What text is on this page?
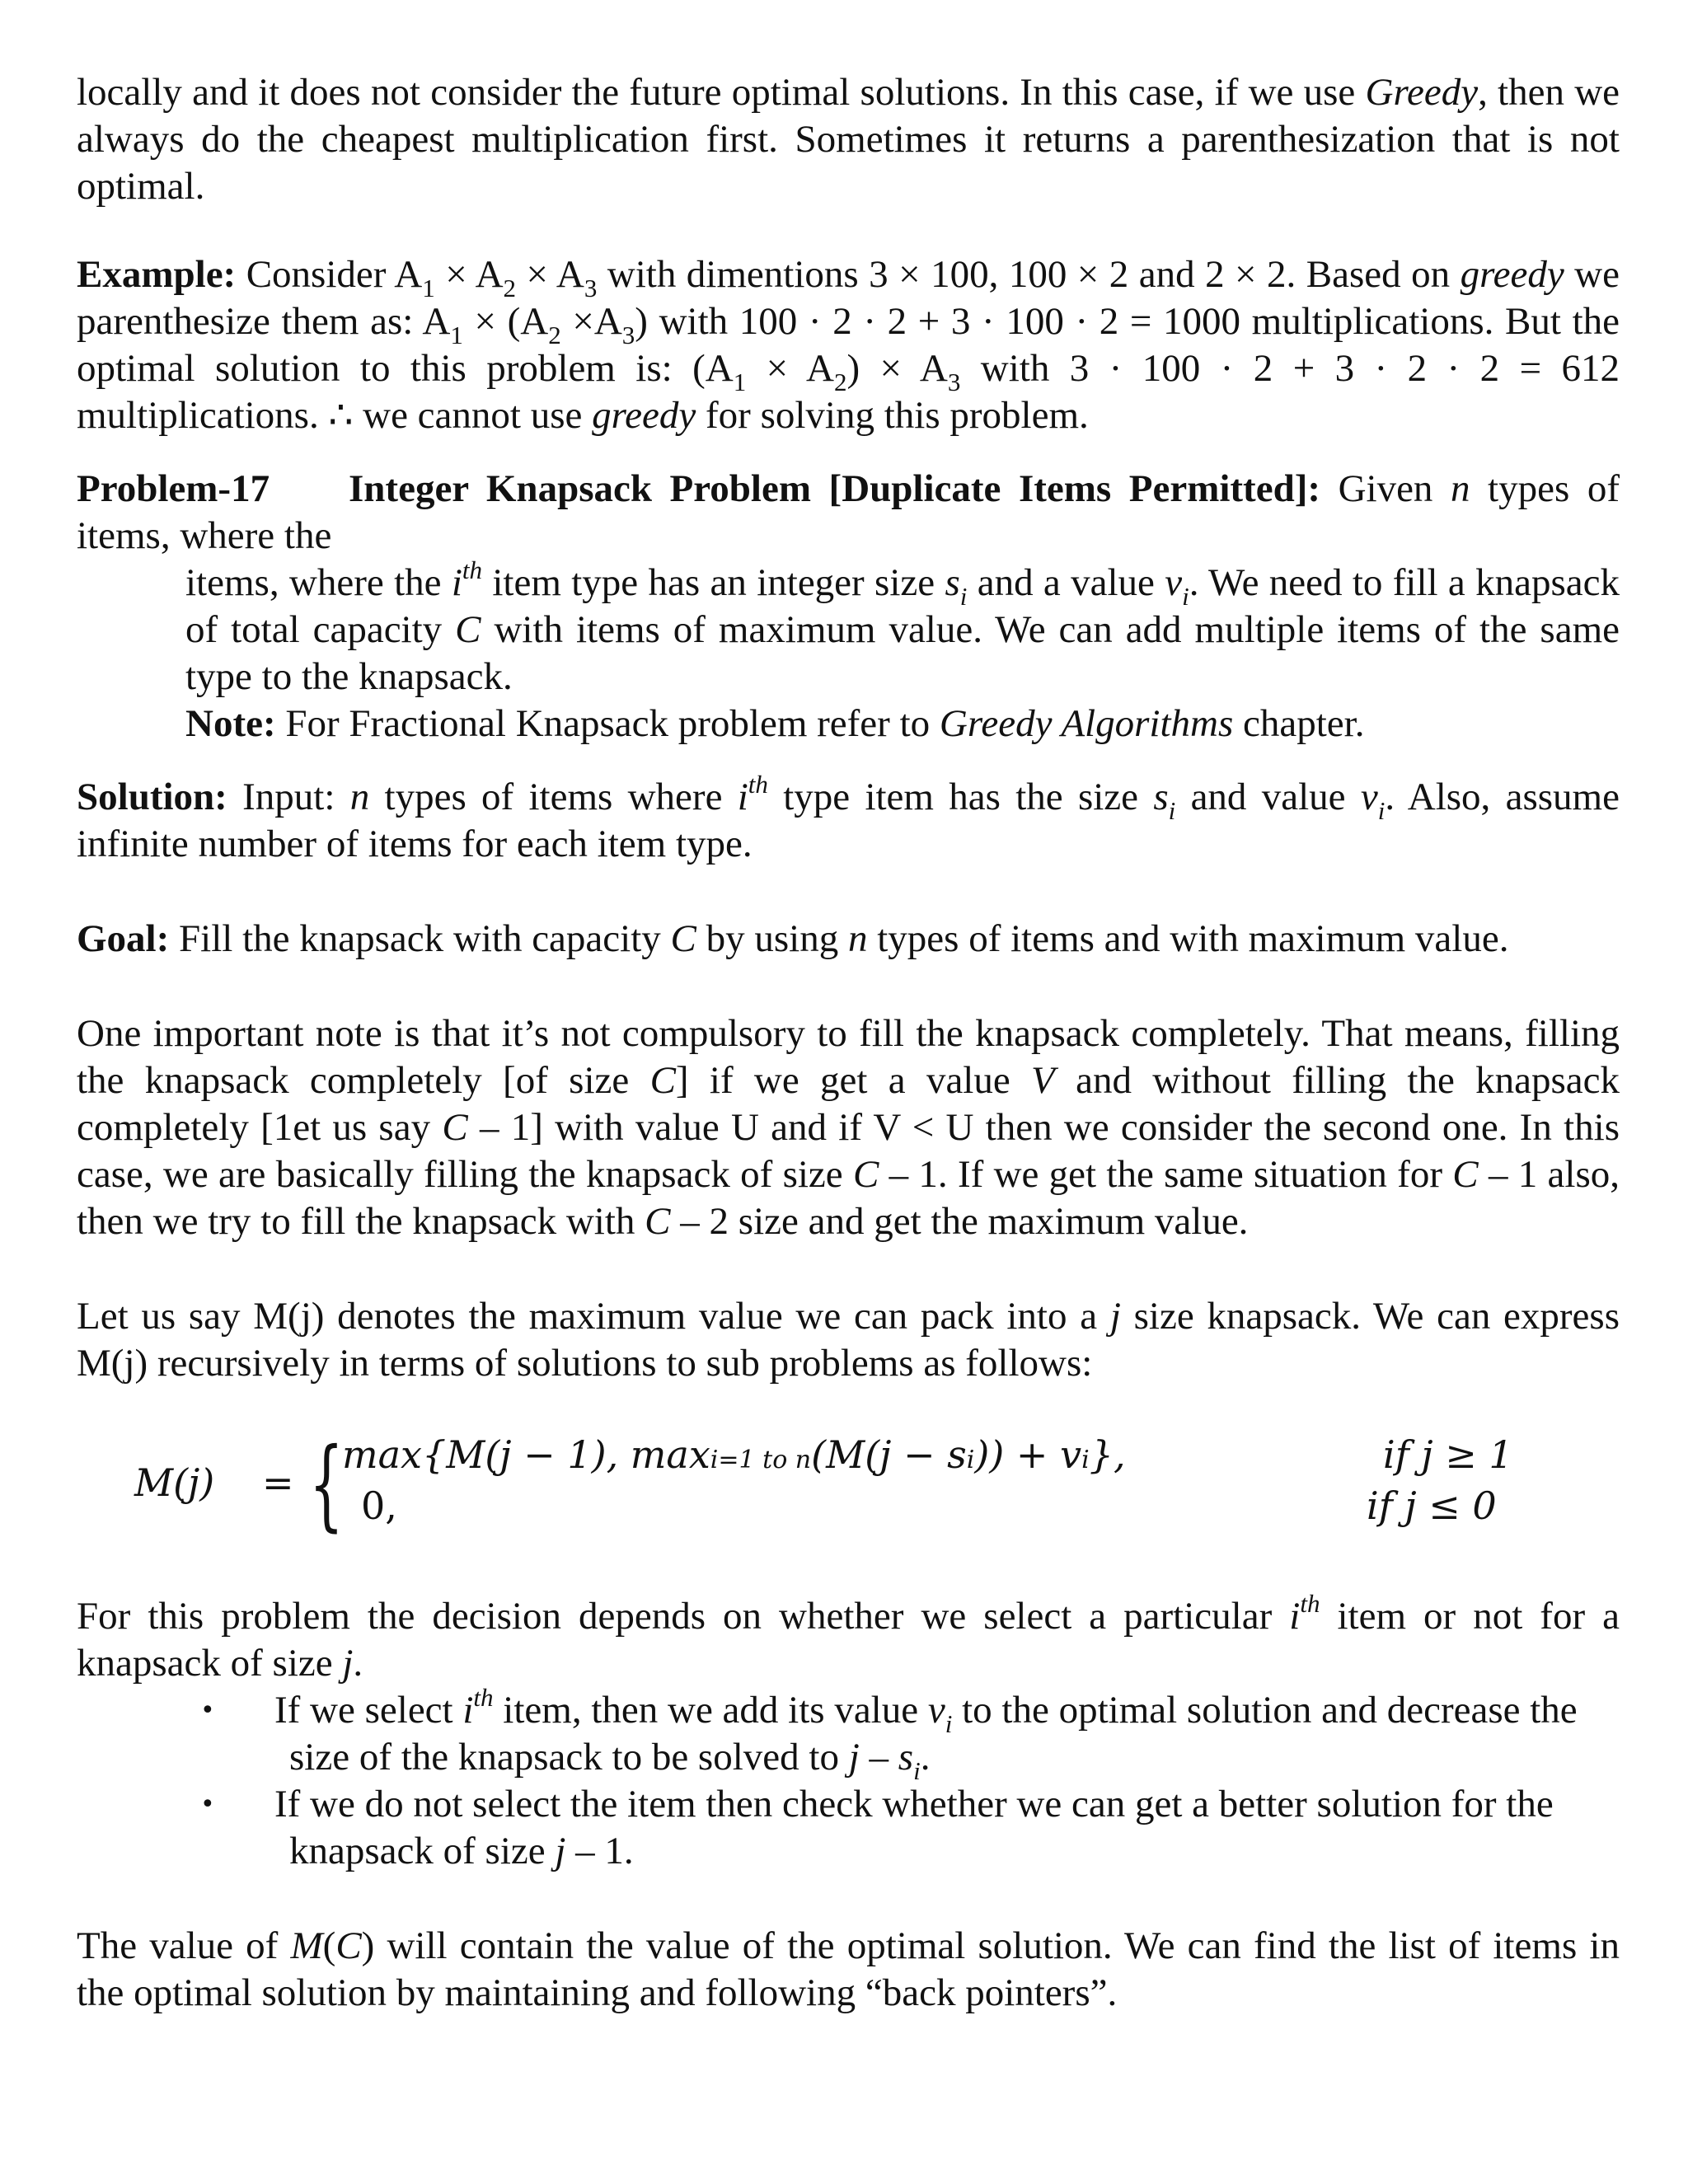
locally and it does not consider the future optimal solutions. In this case, if we use Greedy, then we always do the cheapest multiplication first. Sometimes it returns a parenthesization that is not optimal.

Example: Consider $A_1 \times A_2 \times A_3$ with dimentions 3 × 100, 100 × 2 and 2 × 2. Based on greedy we parenthesize them as: $A_1 \times (A_2 \times A_3)$ with 100 · 2 · 2 + 3 · 100 · 2 = 1000 multiplications. But the optimal solution to this problem is: $(A_1 \times A_2) \times A_3$ with 3 · 100 · 2 + 3 · 2 · 2 = 612 multiplications. ∴ we cannot use greedy for solving this problem.

Problem-17 Integer Knapsack Problem [Duplicate Items Permitted]: Given n types of items, where the

items, where the $i^{th}$ item type has an integer size $s_i$ and a value $v_i$. We need to fill a knapsack of total capacity C with items of maximum value. We can add multiple items of the same type to the knapsack.

Note: For Fractional Knapsack problem refer to Greedy Algorithms chapter.

Solution: Input: n types of items where $i^{th}$ type item has the size $s_i$ and value $v_i$. Also, assume infinite number of items for each item type.

Goal: Fill the knapsack with capacity C by using n types of items and with maximum value.

One important note is that it’s not compulsory to fill the knapsack completely. That means, filling the knapsack completely [of size C] if we get a value V and without filling the knapsack completely [1et us say C – 1] with value U and if V < U then we consider the second one. In this case, we are basically filling the knapsack of size C – 1. If we get the same situation for C – 1 also, then we try to fill the knapsack with C – 2 size and get the maximum value.

Let us say M(j) denotes the maximum value we can pack into a j size knapsack. We can express M(j) recursively in terms of solutions to sub problems as follows:

M(j) = {
max{M(j − 1), maxi=1 to n(M(j − si)) + vi},
0,
if j ≥ 1
if j ≤ 0

For this problem the decision depends on whether we select a particular $i^{th}$ item or not for a knapsack of size j.

• If we select $i^{th}$ item, then we add its value $v_i$ to the optimal solution and decrease the
size of the knapsack to be solved to j – $s_i$.
• If we do not select the item then check whether we can get a better solution for the
knapsack of size j – 1.

The value of M(C) will contain the value of the optimal solution. We can find the list of items in the optimal solution by maintaining and following “back pointers”.
